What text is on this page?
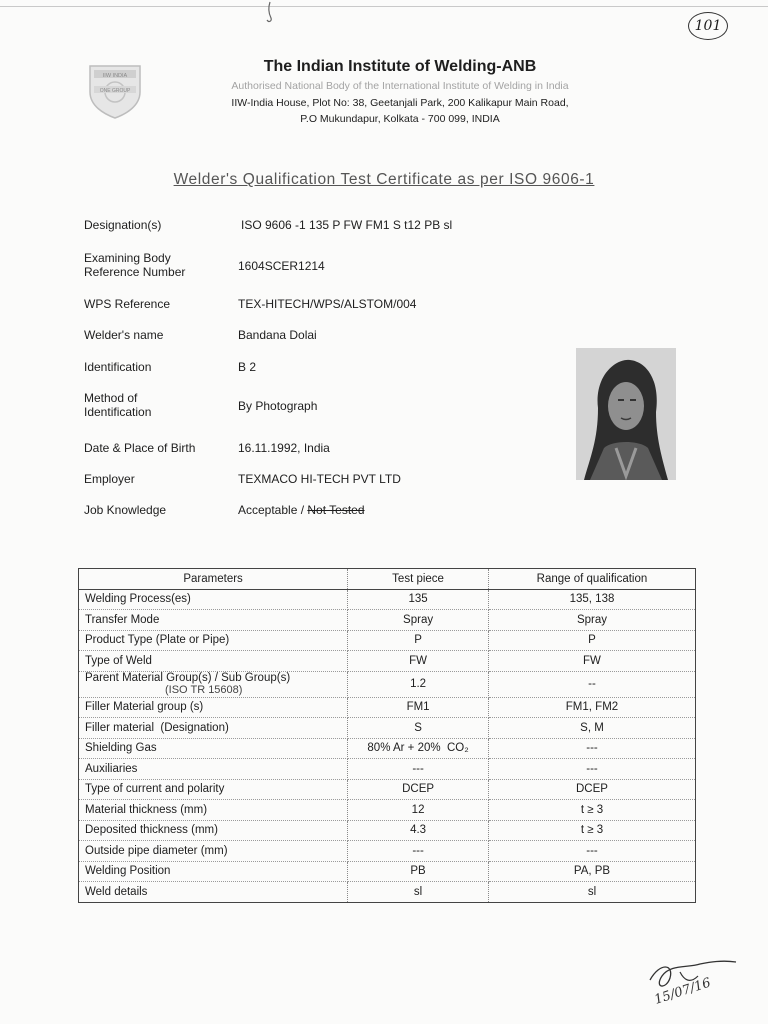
101
IIW INDIA
ONE GROUP
The Indian Institute of Welding-ANB
Authorised National Body of the International Institute of Welding in India
IIW-India House, Plot No: 38, Geetanjali Park, 200 Kalikapur Main Road,
P.O Mukundapur, Kolkata - 700 099, INDIA
Welder's Qualification Test Certificate as per ISO 9606-1
Designation(s)	ISO 9606 -1 135 P FW FM1 S t12 PB sl
Examining Body
Reference Number	1604SCER1214
WPS Reference	TEX-HITECH/WPS/ALSTOM/004
Welder's name	Bandana Dolai
Identification	B 2
Method of
Identification	By Photograph
Date & Place of Birth	16.11.1992, India
Employer	TEXMACO HI-TECH PVT LTD
Job Knowledge	Acceptable / Not Tested
Parameters	Test piece	Range of qualification
Welding Process(es)	135	135, 138
Transfer Mode	Spray	Spray
Product Type (Plate or Pipe)	P	P
Type of Weld	FW	FW
Parent Material Group(s) / Sub Group(s)
(ISO TR 15608)	1.2	--
Filler Material group (s)	FM1	FM1, FM2
Filler material  (Designation)	S	S, M
Shielding Gas	80% Ar + 20%  CO₂	---
Auxiliaries	---	---
Type of current and polarity	DCEP	DCEP
Material thickness (mm)	12	t ≥ 3
Deposited thickness (mm)	4.3	t ≥ 3
Outside pipe diameter (mm)	---	---
Welding Position	PB	PA, PB
Weld details	sl	sl
15/07/16
